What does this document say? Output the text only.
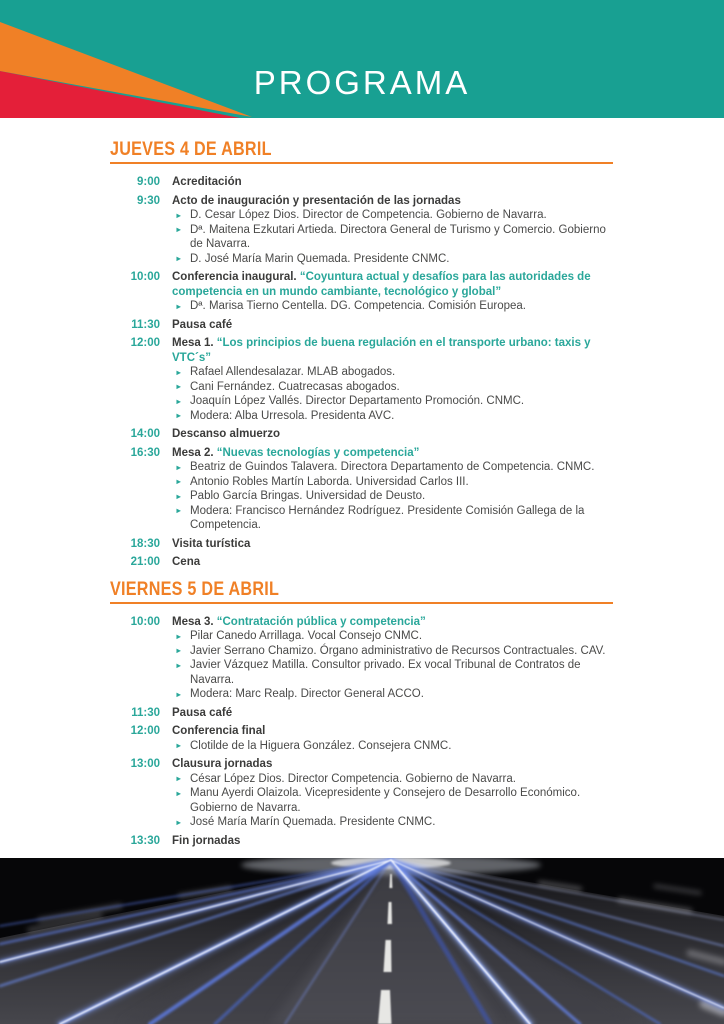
PROGRAMA
JUEVES 4 DE ABRIL
9:00 Acreditación
9:30 Acto de inauguración y presentación de las jornadas
► D. Cesar López Dios. Director de Competencia. Gobierno de Navarra.
► Dª. Maitena Ezkutari Artieda. Directora General de Turismo y Comercio. Gobierno de Navarra.
► D. José María Marin Quemada. Presidente CNMC.
10:00 Conferencia inaugural. “Coyuntura actual y desafíos para las autoridades de competencia en un mundo cambiante, tecnológico y global”
► Dª. Marisa Tierno Centella. DG. Competencia. Comisión Europea.
11:30 Pausa café
12:00 Mesa 1. “Los principios de buena regulación en el transporte urbano: taxis y VTC´s”
► Rafael Allendesalazar. MLAB abogados.
► Cani Fernández. Cuatrecasas abogados.
► Joaquín López Vallés. Director Departamento Promoción. CNMC.
► Modera: Alba Urresola. Presidenta AVC.
14:00 Descanso almuerzo
16:30 Mesa 2. “Nuevas tecnologías y competencia”
► Beatriz de Guindos Talavera. Directora Departamento de Competencia. CNMC.
► Antonio Robles Martín Laborda. Universidad Carlos III.
► Pablo García Bringas. Universidad de Deusto.
► Modera: Francisco Hernández Rodríguez. Presidente Comisión Gallega de la Competencia.
18:30 Visita turística
21:00 Cena
VIERNES 5 DE ABRIL
10:00 Mesa 3. “Contratación pública y competencia”
► Pilar Canedo Arrillaga. Vocal Consejo CNMC.
► Javier Serrano Chamizo. Órgano administrativo de Recursos Contractuales. CAV.
► Javier Vázquez Matilla. Consultor privado. Ex vocal Tribunal de Contratos de Navarra.
► Modera: Marc Realp. Director General ACCO.
11:30 Pausa café
12:00 Conferencia final
► Clotilde de la Higuera González. Consejera CNMC.
13:00 Clausura jornadas
► César López Dios. Director Competencia. Gobierno de Navarra.
► Manu Ayerdi Olaizola. Vicepresidente y Consejero de Desarrollo Económico. Gobierno de Navarra.
► José María Marín Quemada. Presidente CNMC.
13:30 Fin jornadas
